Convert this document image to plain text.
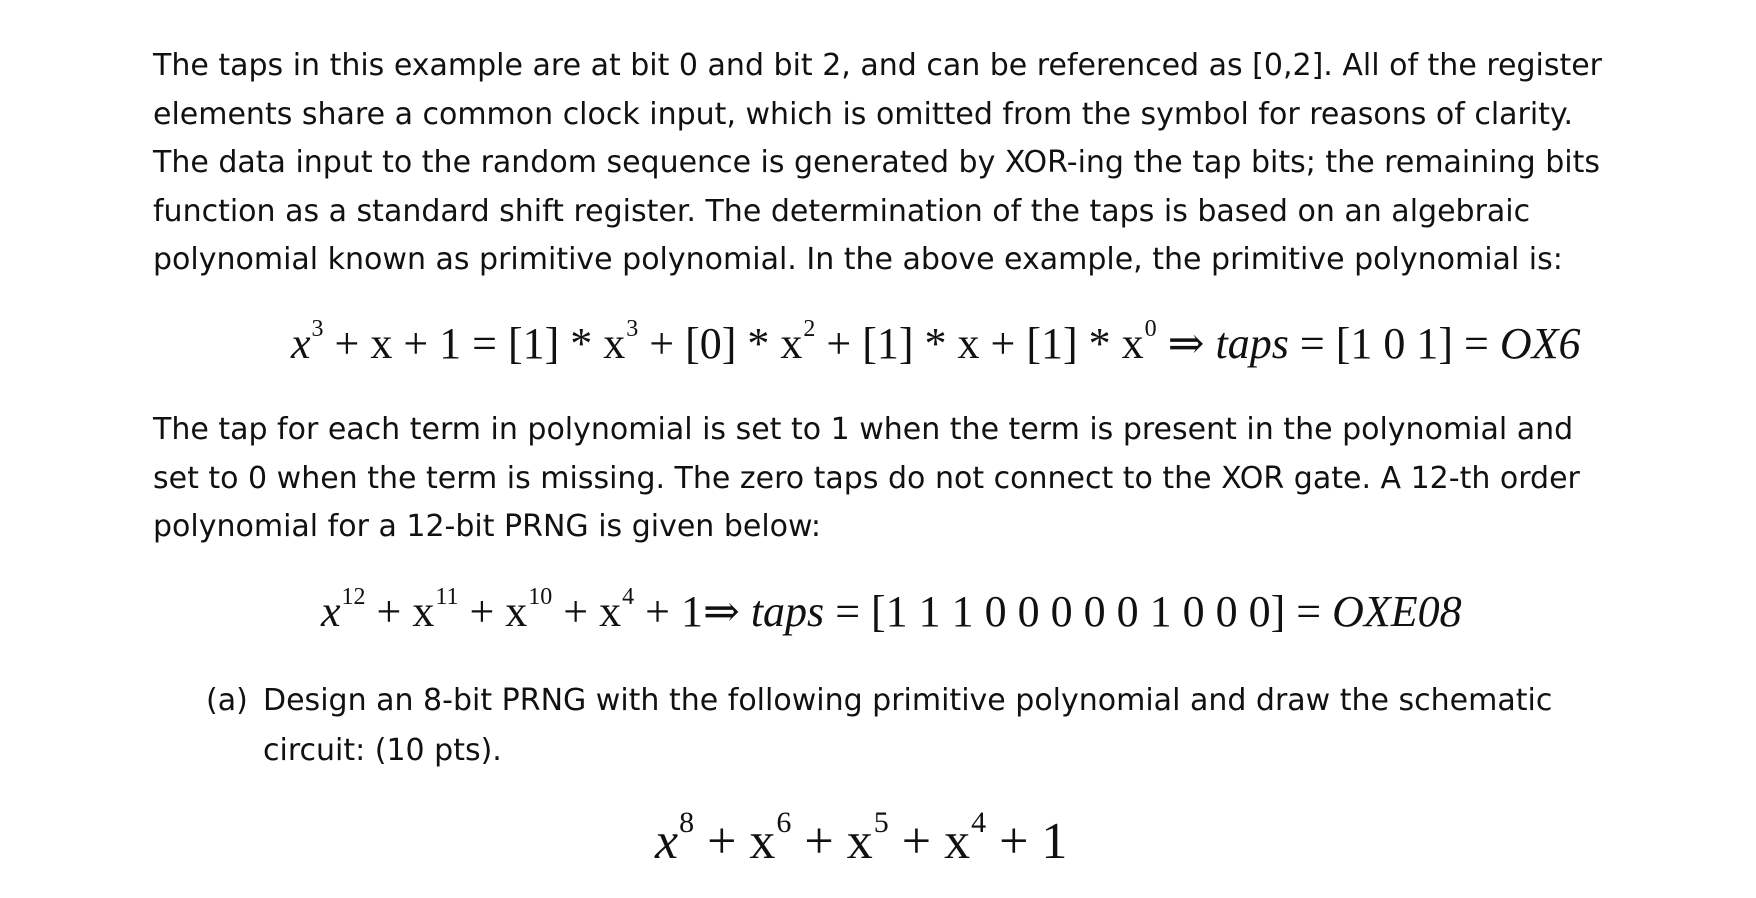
The taps in this example are at bit 0 and bit 2, and can be referenced as [0,2]. All of the register
elements share a common clock input, which is omitted from the symbol for reasons of clarity.
The data input to the random sequence is generated by XOR-ing the tap bits; the remaining bits
function as a standard shift register. The determination of the taps is based on an algebraic
polynomial known as primitive polynomial. In the above example, the primitive polynomial is:
$x^3 + x + 1 = [1] * x^3 + [0] * x^2 + [1] * x + [1] * x^0$ ⇒ taps = [1 0 1] = OX6
The tap for each term in polynomial is set to 1 when the term is present in the polynomial and
set to 0 when the term is missing. The zero taps do not connect to the XOR gate. A 12-th order
polynomial for a 12-bit PRNG is given below:
$x^{12} + x^{11} + x^{10} + x^4$ + 1⇒ taps = [1 1 1 0 0 0 0 0 1 0 0 0] = OXE08
(a) Design an 8-bit PRNG with the following primitive polynomial and draw the schematic
circuit: (10 pts).
$x^8 + x^6 + x^5 + x^4 + 1$
